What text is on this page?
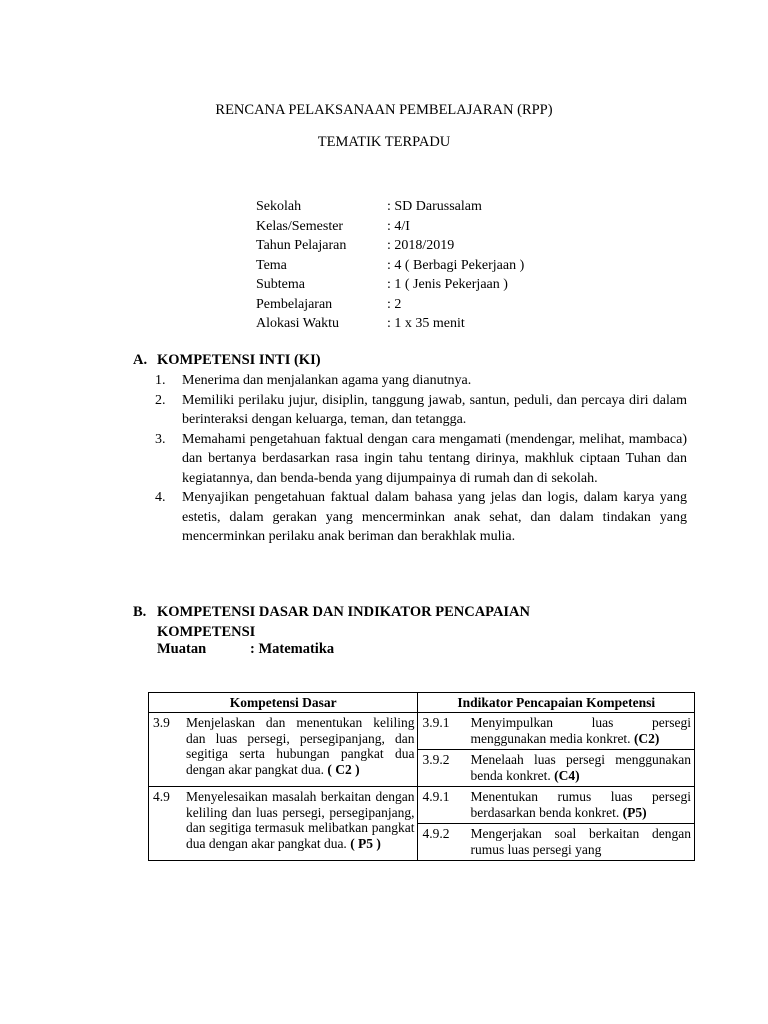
RENCANA PELAKSANAAN PEMBELAJARAN (RPP)
TEMATIK TERPADU
Sekolah	: SD Darussalam
Kelas/Semester	: 4/I
Tahun Pelajaran	: 2018/2019
Tema	: 4 ( Berbagi Pekerjaan )
Subtema	: 1 ( Jenis Pekerjaan )
Pembelajaran	: 2
Alokasi Waktu	: 1 x 35 menit
A. KOMPETENSI INTI (KI)
1.	Menerima dan menjalankan agama yang dianutnya.
2.	Memiliki perilaku jujur, disiplin, tanggung jawab, santun, peduli, dan percaya diri dalam berinteraksi dengan keluarga, teman, dan tetangga.
3.	Memahami pengetahuan faktual dengan cara mengamati (mendengar, melihat, mambaca) dan bertanya berdasarkan rasa ingin tahu tentang dirinya, makhluk ciptaan Tuhan dan kegiatannya, dan benda-benda yang dijumpainya di rumah dan di sekolah.
4.	Menyajikan pengetahuan faktual dalam bahasa yang jelas dan logis, dalam karya yang estetis, dalam gerakan yang mencerminkan anak sehat, dan dalam tindakan yang mencerminkan perilaku anak beriman dan berakhlak mulia.
B. KOMPETENSI DASAR DAN INDIKATOR PENCAPAIAN
KOMPETENSI
Muatan	: Matematika
Kompetensi Dasar	Indikator Pencapaian Kompetensi

3.9 Menjelaskan dan menentukan keliling dan luas persegi, persegipanjang, dan segitiga serta hubungan pangkat dua dengan akar pangkat dua. ( C2 )	3.9.1 Menyimpulkan luas persegi menggunakan media konkret. (C2)

	3.9.2 Menelaah luas persegi menggunakan benda konkret. (C4)

4.9 Menyelesaikan masalah berkaitan dengan keliling dan luas persegi, persegipanjang, dan segitiga termasuk melibatkan pangkat dua dengan akar pangkat dua. ( P5 )	4.9.1 Menentukan rumus luas persegi berdasarkan benda konkret. (P5)

	4.9.2 Mengerjakan soal berkaitan dengan rumus luas persegi yang
